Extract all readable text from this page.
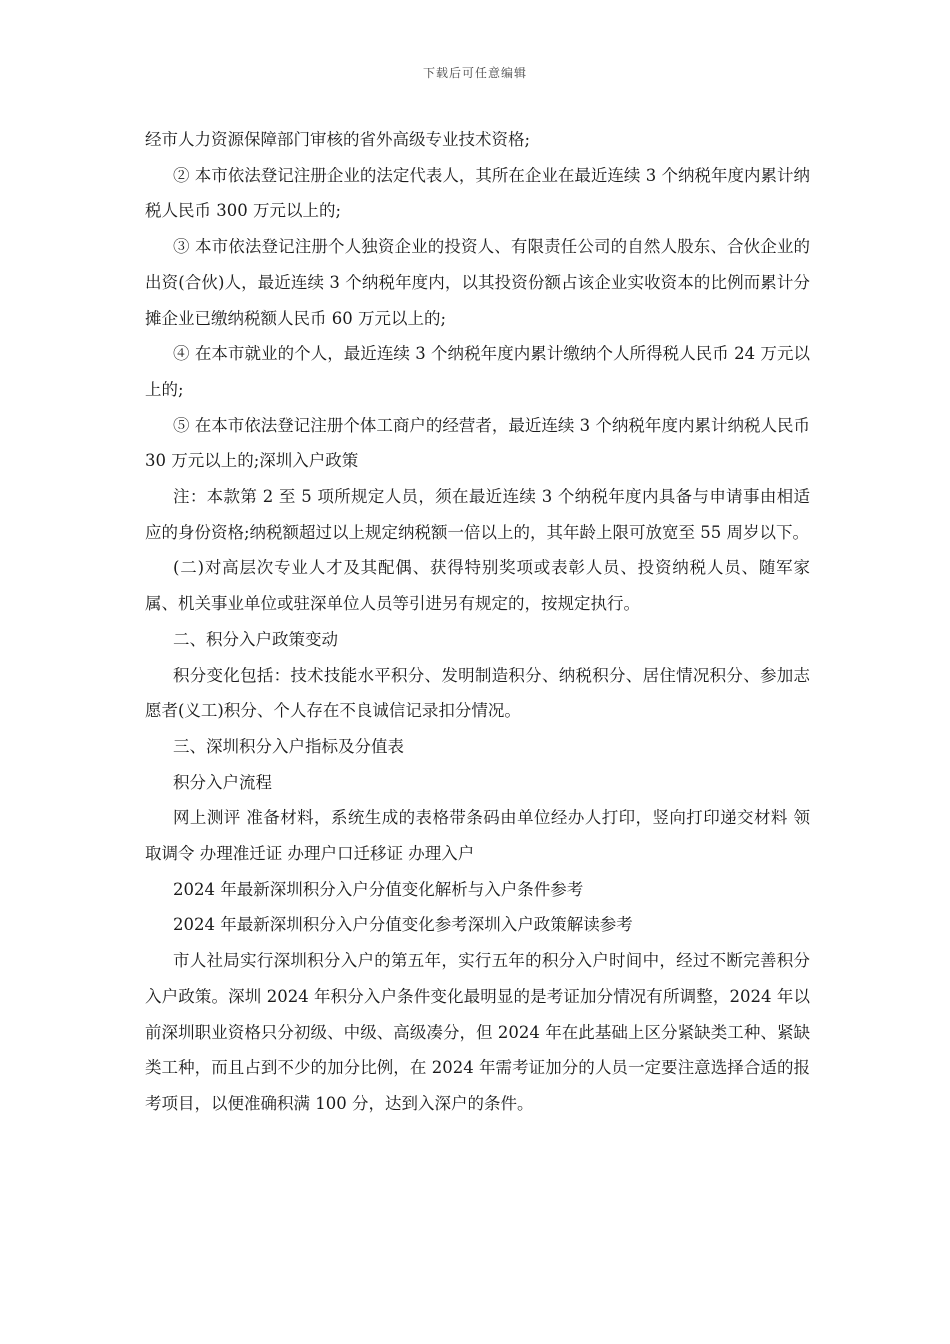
下载后可任意编辑

经市人力资源保障部门审核的省外高级专业技术资格;

② 本市依法登记注册企业的法定代表人，其所在企业在最近连续 3 个纳税年度内累计纳税人民币 300 万元以上的;

③ 本市依法登记注册个人独资企业的投资人、有限责任公司的自然人股东、合伙企业的出资(合伙)人，最近连续 3 个纳税年度内，以其投资份额占该企业实收资本的比例而累计分摊企业已缴纳税额人民币 60 万元以上的;

④ 在本市就业的个人，最近连续 3 个纳税年度内累计缴纳个人所得税人民币 24 万元以上的;

⑤ 在本市依法登记注册个体工商户的经营者，最近连续 3 个纳税年度内累计纳税人民币 30 万元以上的;深圳入户政策

注：本款第 2 至 5 项所规定人员，须在最近连续 3 个纳税年度内具备与申请事由相适应的身份资格;纳税额超过以上规定纳税额一倍以上的，其年龄上限可放宽至 55 周岁以下。

(二)对高层次专业人才及其配偶、获得特别奖项或表彰人员、投资纳税人员、随军家属、机关事业单位或驻深单位人员等引进另有规定的，按规定执行。

二、积分入户政策变动

积分变化包括：技术技能水平积分、发明制造积分、纳税积分、居住情况积分、参加志愿者(义工)积分、个人存在不良诚信记录扣分情况。

三、深圳积分入户指标及分值表

积分入户流程

网上测评 准备材料，系统生成的表格带条码由单位经办人打印，竖向打印递交材料 领取调令 办理准迁证 办理户口迁移证 办理入户

2024 年最新深圳积分入户分值变化解析与入户条件参考

2024 年最新深圳积分入户分值变化参考深圳入户政策解读参考

市人社局实行深圳积分入户的第五年，实行五年的积分入户时间中，经过不断完善积分入户政策。深圳 2024 年积分入户条件变化最明显的是考证加分情况有所调整，2024 年以前深圳职业资格只分初级、中级、高级凑分，但 2024 年在此基础上区分紧缺类工种、紧缺类工种，而且占到不少的加分比例，在 2024 年需考证加分的人员一定要注意选择合适的报考项目，以便准确积满 100 分，达到入深户的条件。
